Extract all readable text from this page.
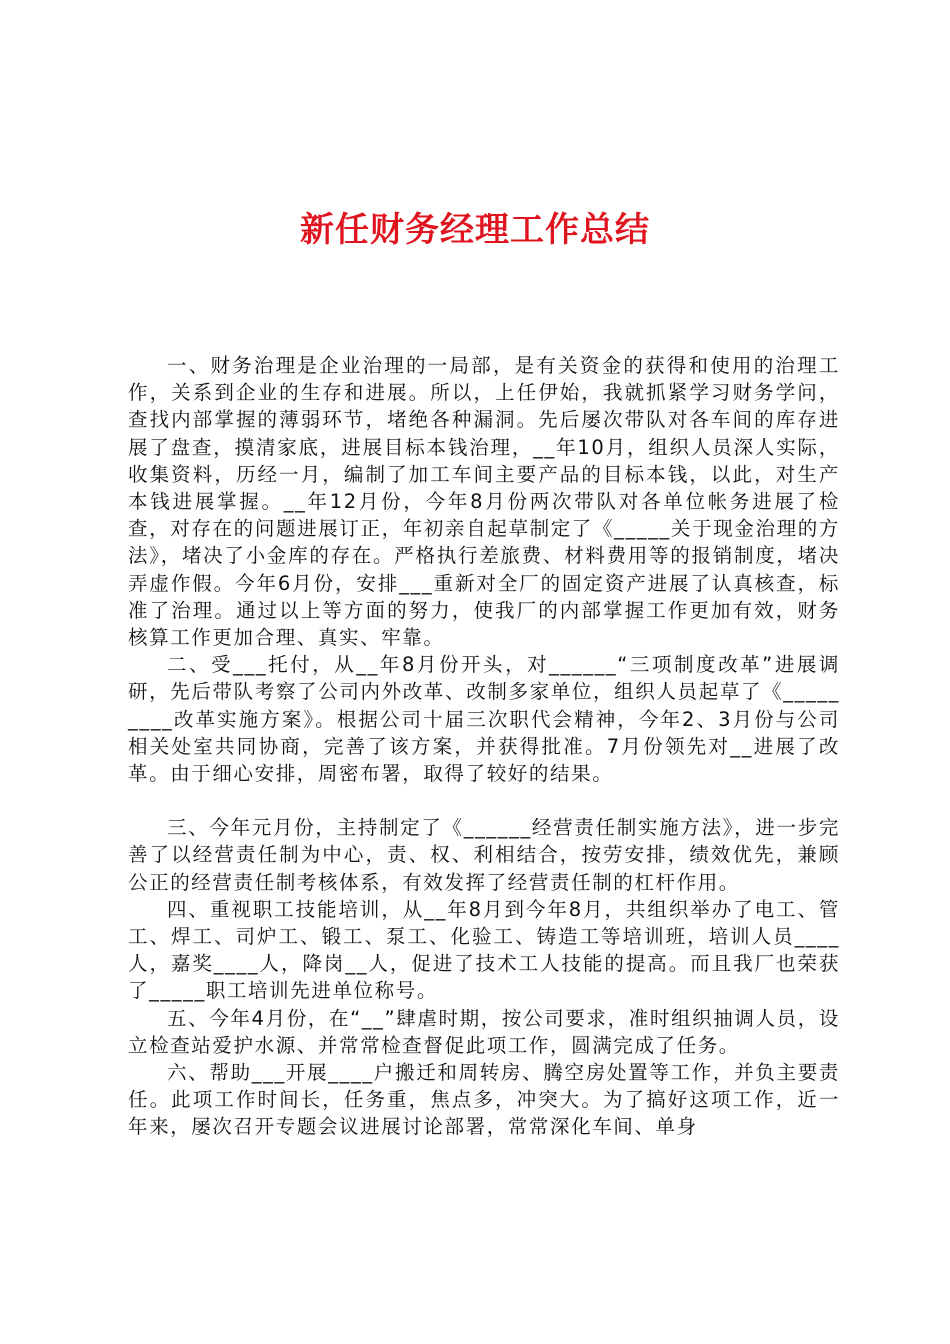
新任财务经理工作总结

一、财务治理是企业治理的一局部，是有关资金的获得和使用的治理工作，关系到企业的生存和进展。所以，上任伊始，我就抓紧学习财务学问，查找内部掌握的薄弱环节，堵绝各种漏洞。先后屡次带队对各车间的库存进展了盘查，摸清家底，进展目标本钱治理，__年10月，组织人员深人实际，收集资料，历经一月，编制了加工车间主要产品的目标本钱，以此，对生产本钱进展掌握。__年12月份，今年8月份两次带队对各单位帐务进展了检查，对存在的问题进展订正，年初亲自起草制定了《_____关于现金治理的方法》，堵决了小金库的存在。严格执行差旅费、材料费用等的报销制度，堵决弄虚作假。今年6月份，安排___重新对全厂的固定资产进展了认真核查，标准了治理。通过以上等方面的努力，使我厂的内部掌握工作更加有效，财务核算工作更加合理、真实、牢靠。

二、受___托付，从__年8月份开头，对______“三项制度改革”进展调研，先后带队考察了公司内外改革、改制多家单位，组织人员起草了《_________改革实施方案》。根据公司十届三次职代会精神，今年2、3月份与公司相关处室共同协商，完善了该方案，并获得批准。7月份领先对__进展了改革。由于细心安排，周密布署，取得了较好的结果。

三、今年元月份，主持制定了《______经营责任制实施方法》，进一步完善了以经营责任制为中心，责、权、利相结合，按劳安排，绩效优先，兼顾公正的经营责任制考核体系，有效发挥了经营责任制的杠杆作用。

四、重视职工技能培训，从__年8月到今年8月，共组织举办了电工、管工、焊工、司炉工、锻工、泵工、化验工、铸造工等培训班，培训人员____人，嘉奖____人，降岗__人，促进了技术工人技能的提高。而且我厂也荣获了_____职工培训先进单位称号。

五、今年4月份，在“__”肆虐时期，按公司要求，准时组织抽调人员，设立检查站爱护水源、并常常检查督促此项工作，圆满完成了任务。

六、帮助___开展____户搬迁和周转房、腾空房处置等工作，并负主要责任。此项工作时间长，任务重，焦点多，冲突大。为了搞好这项工作，近一年来，屡次召开专题会议进展讨论部署，常常深化车间、单身
